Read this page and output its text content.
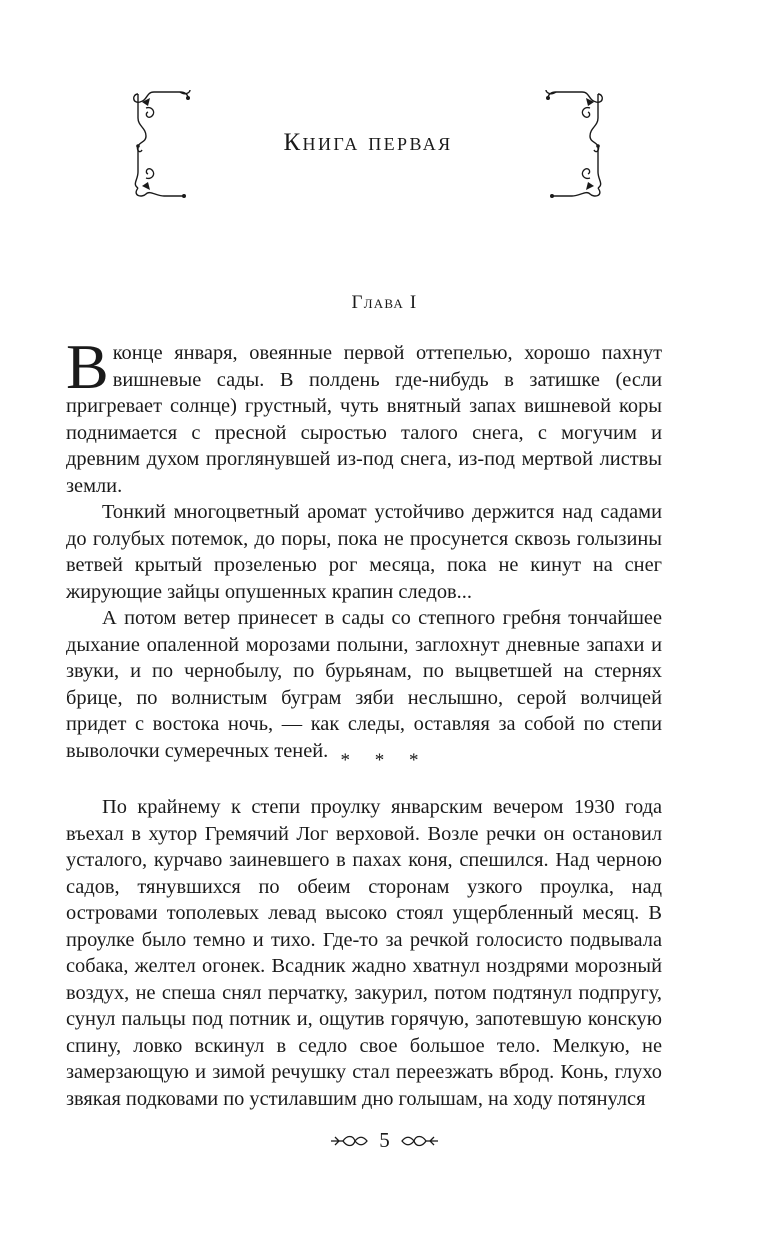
Книга первая
Глава I

Вконце января, овеянные первой оттепелью, хорошо пахнут вишневые сады. В полдень где-нибудь в затишке (если пригревает солнце) грустный, чуть внятный запах вишневой коры поднимается с пресной сыростью талого снега, с могучим и древним духом проглянувшей из-под снега, из-под мертвой листвы земли.

Тонкий многоцветный аромат устойчиво держится над садами до голубых потемок, до поры, пока не просунется сквозь голызины ветвей крытый прозеленью рог месяца, пока не кинут на снег жирующие зайцы опушенных крапин следов...

А потом ветер принесет в сады со степного гребня тончайшее дыхание опаленной морозами полыни, заглохнут дневные запахи и звуки, и по чернобылу, по бурьянам, по выцветшей на стернях брице, по волнистым буграм зяби неслышно, серой волчицей придет с востока ночь, — как следы, оставляя за собой по степи выволочки сумеречных теней. * * *

По крайнему к степи проулку январским вечером 1930 года въехал в хутор Гремячий Лог верховой. Возле речки он остановил усталого, курчаво заиневшего в пахах коня, спешился. Над черною садов, тянувшихся по обеим сторонам узкого проулка, над островами тополевых левад высоко стоял ущербленный месяц. В проулке было темно и тихо. Где-то за речкой голосисто подвывала собака, желтел огонек. Всадник жадно хватнул ноздрями морозный воздух, не спеша снял перчатку, закурил, потом подтянул подпругу, сунул пальцы под потник и, ощутив горячую, запотевшую конскую спину, ловко вскинул в седло свое большое тело. Мелкую, не замерзающую и зимой речушку стал переезжать вброд. Конь, глухо звякая подковами по устилавшим дно голышам, на ходу потянулся

5
